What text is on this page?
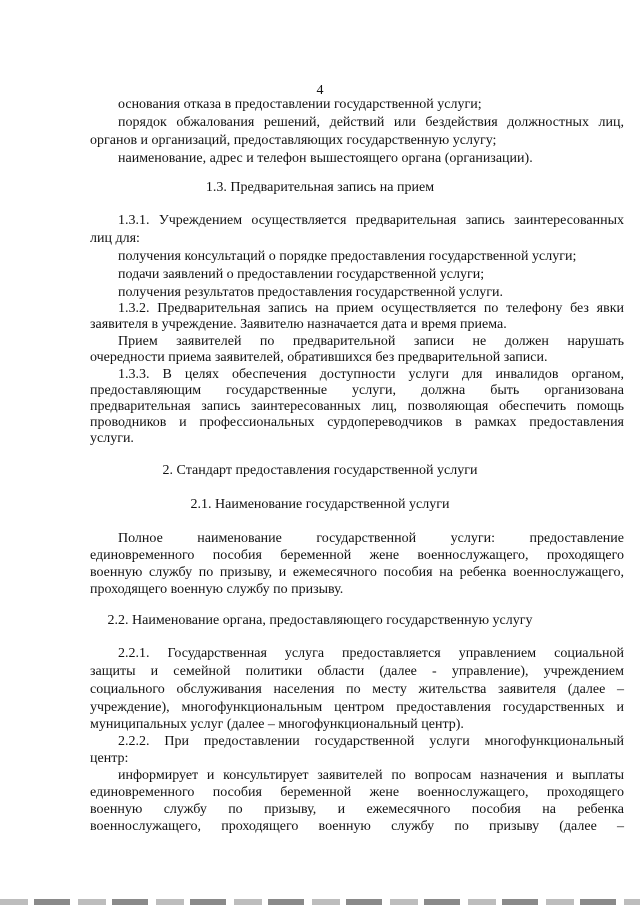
4

основания отказа в предоставлении государственной услуги;

порядок обжалования решений, действий или бездействия должностных лиц,

органов и организаций, предоставляющих государственную услугу;

наименование, адрес и телефон вышестоящего органа (организации).

1.3. Предварительная запись на прием

1.3.1. Учреждением осуществляется предварительная запись заинтересованных

лиц для:

получения консультаций о порядке предоставления государственной услуги;

подачи заявлений о предоставлении государственной услуги;

получения результатов предоставления государственной услуги.

1.3.2. Предварительная запись на прием осуществляется по телефону без явки

заявителя в учреждение. Заявителю назначается дата и время приема.

Прием заявителей по предварительной записи не должен нарушать

очередности приема заявителей, обратившихся без предварительной записи.

1.3.3. В целях обеспечения доступности услуги для инвалидов органом,

предоставляющим государственные услуги, должна быть организована

предварительная запись заинтересованных лиц, позволяющая обеспечить помощь

проводников и профессиональных сурдопереводчиков в рамках предоставления

услуги.

2. Стандарт предоставления государственной услуги

2.1. Наименование государственной услуги

Полное наименование государственной услуги: предоставление

единовременного пособия беременной жене военнослужащего, проходящего

военную службу по призыву, и ежемесячного пособия на ребенка военнослужащего,

проходящего военную службу по призыву.

2.2. Наименование органа, предоставляющего государственную услугу

2.2.1. Государственная услуга предоставляется управлением социальной

защиты и семейной политики области (далее - управление), учреждением

социального обслуживания населения по месту жительства заявителя (далее –

учреждение), многофункциональным центром предоставления государственных и

муниципальных услуг (далее – многофункциональный центр).

2.2.2. При предоставлении государственной услуги многофункциональный

центр:

информирует и консультирует заявителей по вопросам назначения и выплаты

единовременного пособия беременной жене военнослужащего, проходящего

военную службу по призыву, и ежемесячного пособия на ребенка

военнослужащего, проходящего военную службу по призыву (далее –
